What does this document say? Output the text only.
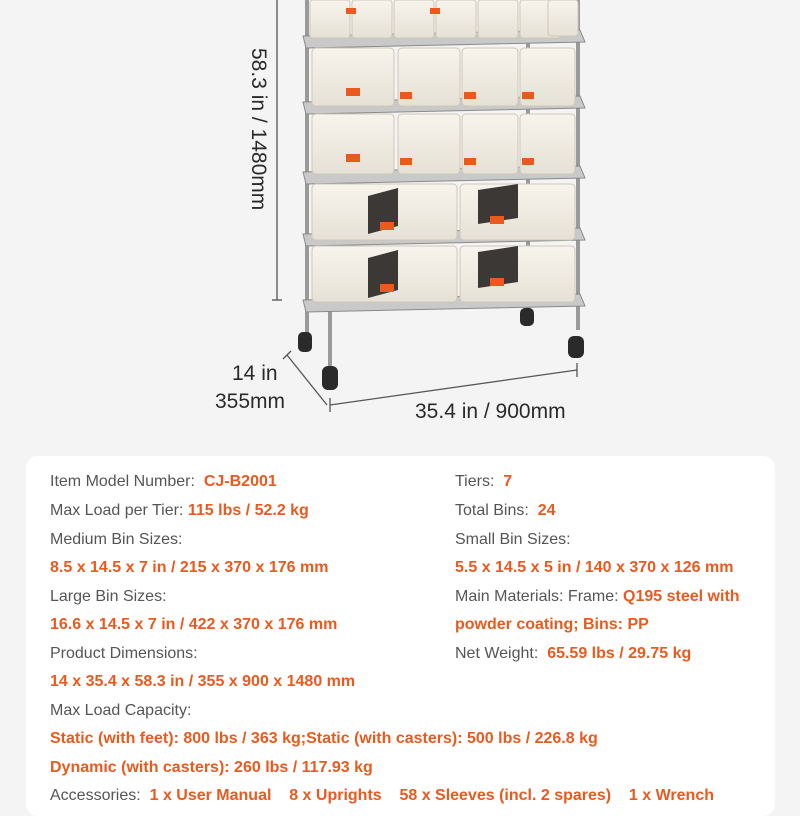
58.3 in / 1480mm
14 in
355mm	35.4 in / 900mm
Item Model Number: CJ-B2001
Max Load per Tier: 115 lbs / 52.2 kg
Medium Bin Sizes:
8.5 x 14.5 x 7 in / 215 x 370 x 176 mm
Large Bin Sizes:
16.6 x 14.5 x 7 in / 422 x 370 x 176 mm
Product Dimensions:
14 x 35.4 x 58.3 in / 355 x 900 x 1480 mm
Max Load Capacity:
Static (with feet): 800 lbs / 363 kg;Static (with casters): 500 lbs / 226.8 kg
Dynamic (with casters): 260 lbs / 117.93 kg
Accessories: 1 x User Manual    8 x Uprights    58 x Sleeves (incl. 2 spares)    1 x Wrench
Tiers: 7
Total Bins: 24
Small Bin Sizes:
5.5 x 14.5 x 5 in / 140 x 370 x 126 mm
Main Materials: Frame: Q195 steel with
powder coating; Bins: PP
Net Weight: 65.59 lbs / 29.75 kg
